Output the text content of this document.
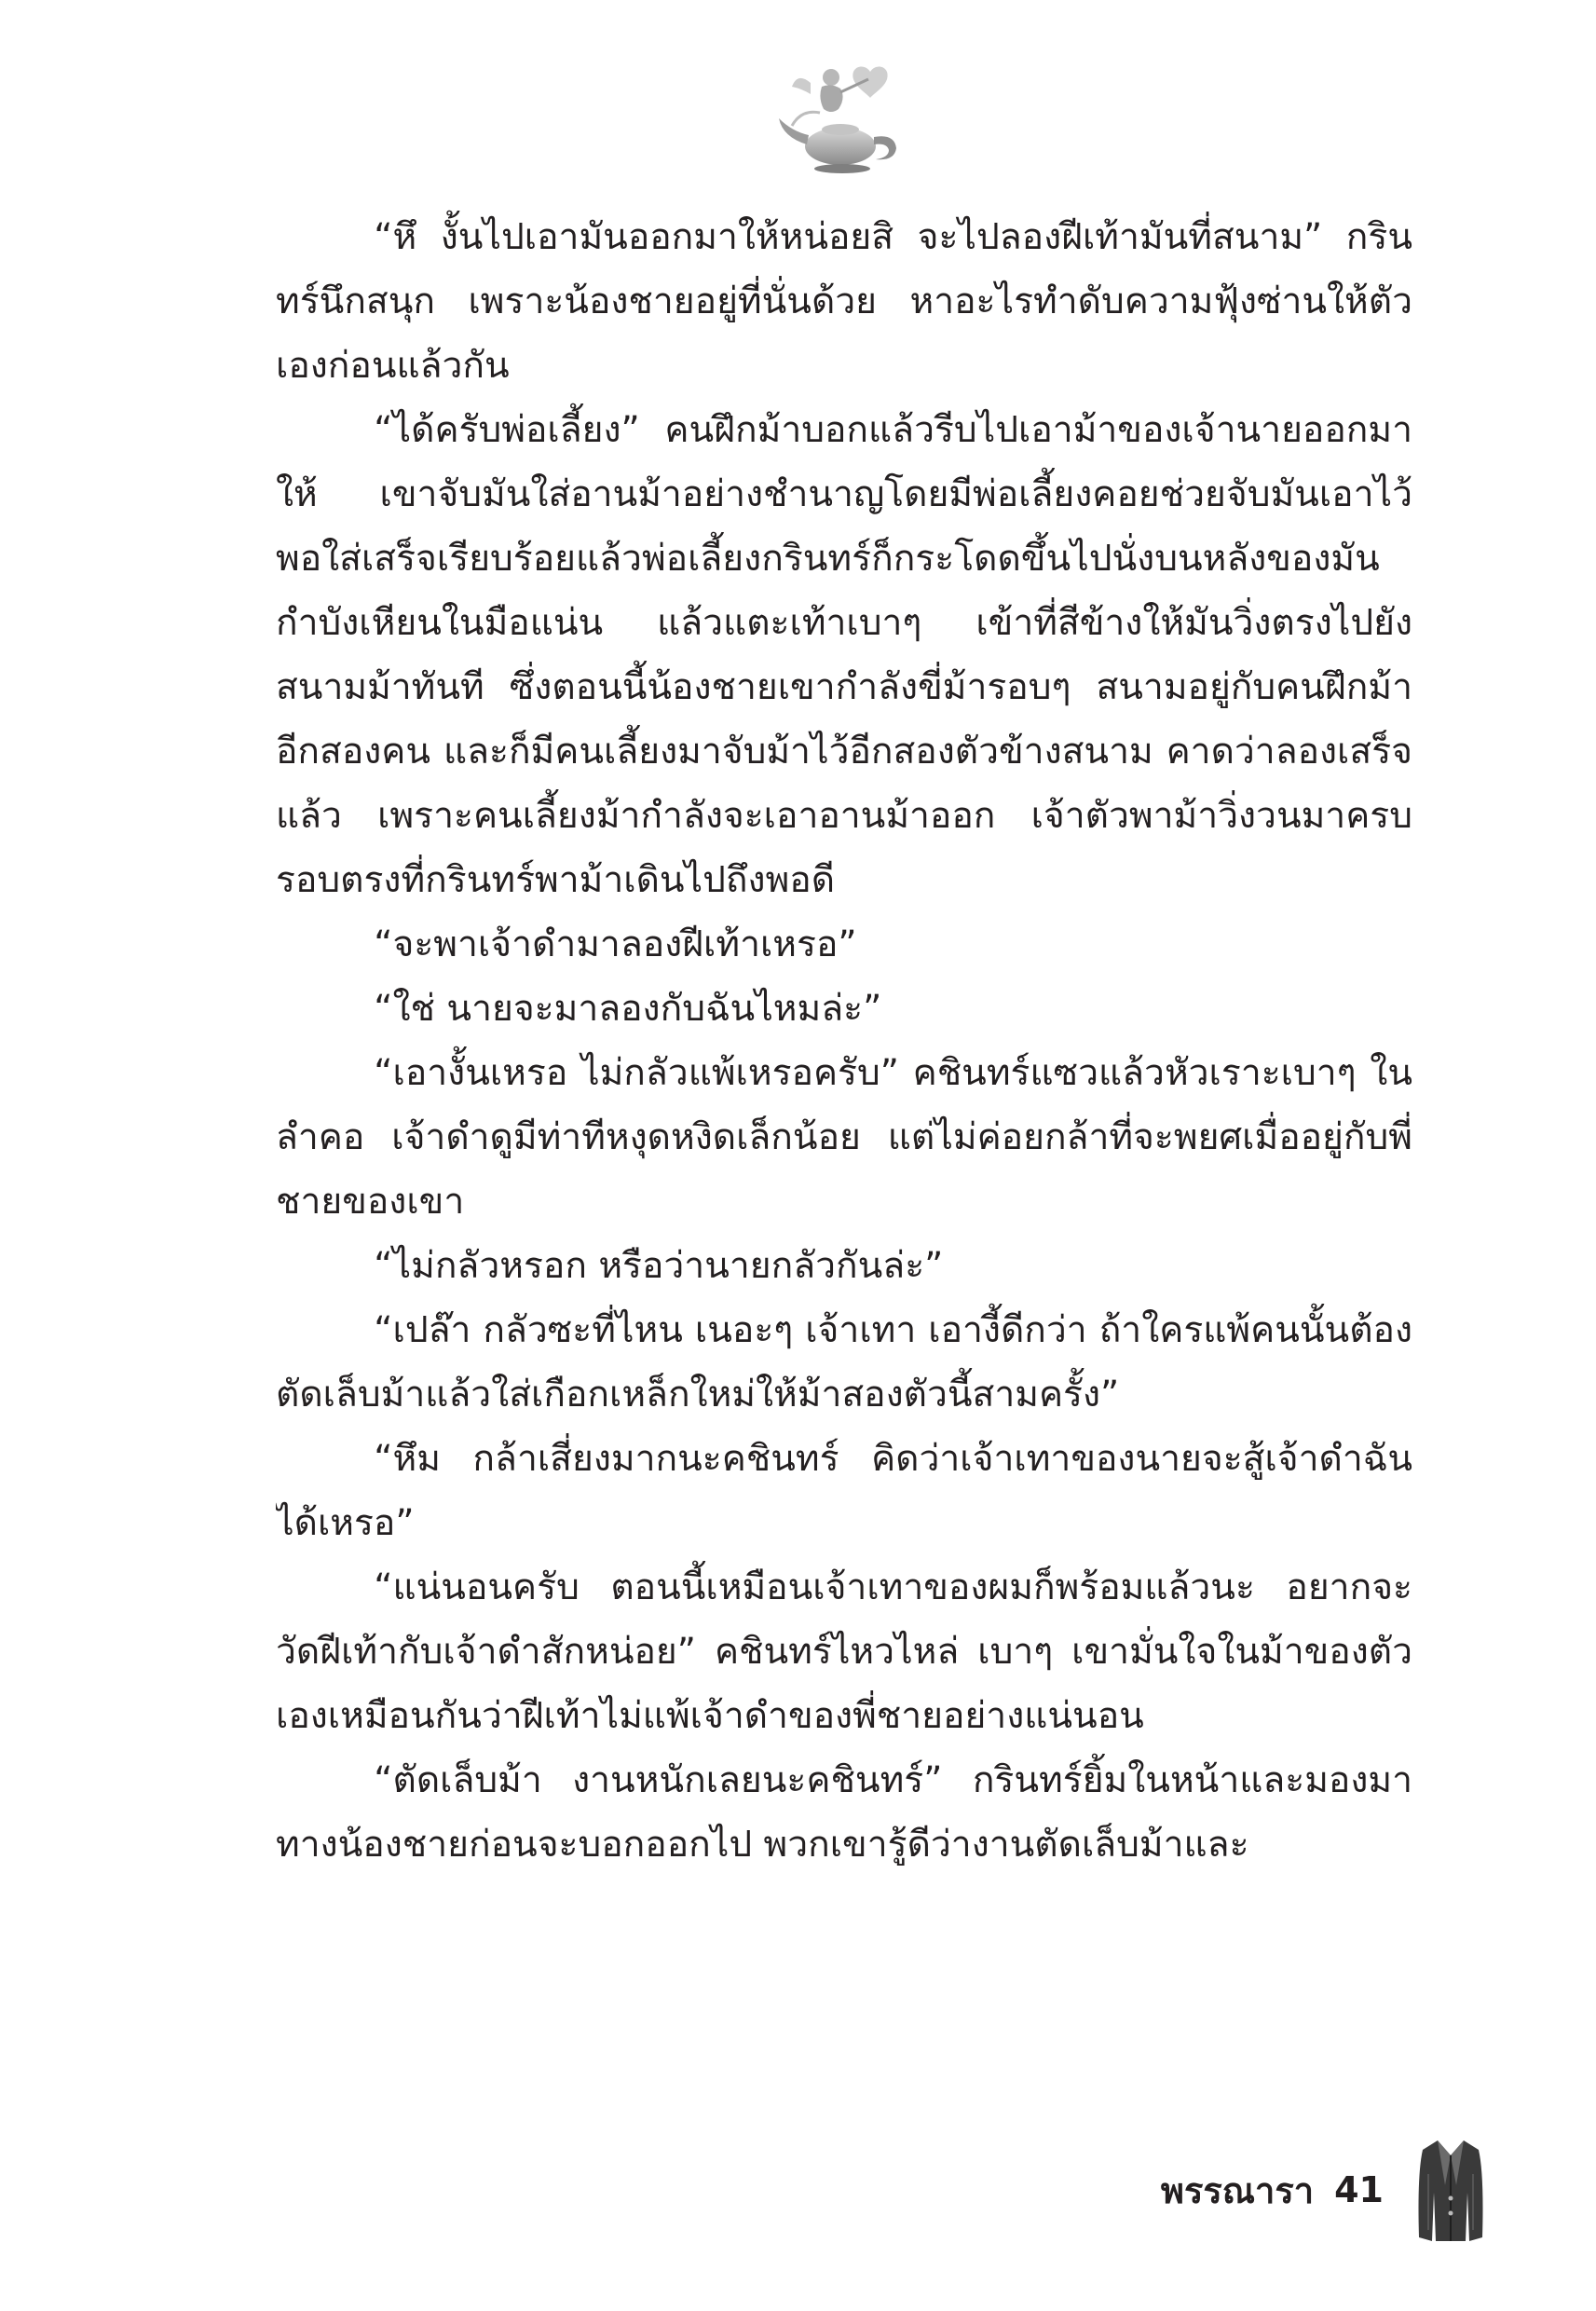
“หึ งั้นไปเอามันออกมาให้หน่อยสิ จะไปลองฝีเท้ามันที่สนาม” กรินทร์นึกสนุก เพราะน้องชายอยู่ที่นั่นด้วย หาอะไรทำดับความฟุ้งซ่านให้ตัวเองก่อนแล้วกัน

“ได้ครับพ่อเลี้ยง” คนฝึกม้าบอกแล้วรีบไปเอาม้าของเจ้านายออกมาให้ เขาจับมันใส่อานม้าอย่างชำนาญโดยมีพ่อเลี้ยงคอยช่วยจับมันเอาไว้ พอใส่เสร็จเรียบร้อยแล้วพ่อเลี้ยงกรินทร์ก็กระโดดขึ้นไปนั่งบนหลังของมัน กำบังเหียนในมือแน่น แล้วแตะเท้าเบาๆ เข้าที่สีข้างให้มันวิ่งตรงไปยังสนามม้าทันที ซึ่งตอนนี้น้องชายเขากำลังขี่ม้ารอบๆ สนามอยู่กับคนฝึกม้าอีกสองคน และก็มีคนเลี้ยงมาจับม้าไว้อีกสองตัวข้างสนาม คาดว่าลองเสร็จแล้ว เพราะคนเลี้ยงม้ากำลังจะเอาอานม้าออก เจ้าตัวพาม้าวิ่งวนมาครบรอบตรงที่กรินทร์พาม้าเดินไปถึงพอดี

“จะพาเจ้าดำมาลองฝีเท้าเหรอ”

“ใช่ นายจะมาลองกับฉันไหมล่ะ”

“เอางั้นเหรอ ไม่กลัวแพ้เหรอครับ” คชินทร์แซวแล้วหัวเราะเบาๆ ในลำคอ เจ้าดำดูมีท่าทีหงุดหงิดเล็กน้อย แต่ไม่ค่อยกล้าที่จะพยศเมื่ออยู่กับพี่ชายของเขา

“ไม่กลัวหรอก หรือว่านายกลัวกันล่ะ”

“เปล๊า กลัวซะที่ไหน เนอะๆ เจ้าเทา เอางี้ดีกว่า ถ้าใครแพ้คนนั้นต้องตัดเล็บม้าแล้วใส่เกือกเหล็กใหม่ให้ม้าสองตัวนี้สามครั้ง”

“หึม กล้าเสี่ยงมากนะคชินทร์ คิดว่าเจ้าเทาของนายจะสู้เจ้าดำฉันได้เหรอ”

“แน่นอนครับ ตอนนี้เหมือนเจ้าเทาของผมก็พร้อมแล้วนะ อยากจะวัดฝีเท้ากับเจ้าดำสักหน่อย” คชินทร์ไหวไหล่ เบาๆ เขามั่นใจในม้าของตัวเองเหมือนกันว่าฝีเท้าไม่แพ้เจ้าดำของพี่ชายอย่างแน่นอน

“ตัดเล็บม้า งานหนักเลยนะคชินทร์” กรินทร์ยิ้มในหน้าและมองมาทางน้องชายก่อนจะบอกออกไป พวกเขารู้ดีว่างานตัดเล็บม้าและ

พรรณารา 41
